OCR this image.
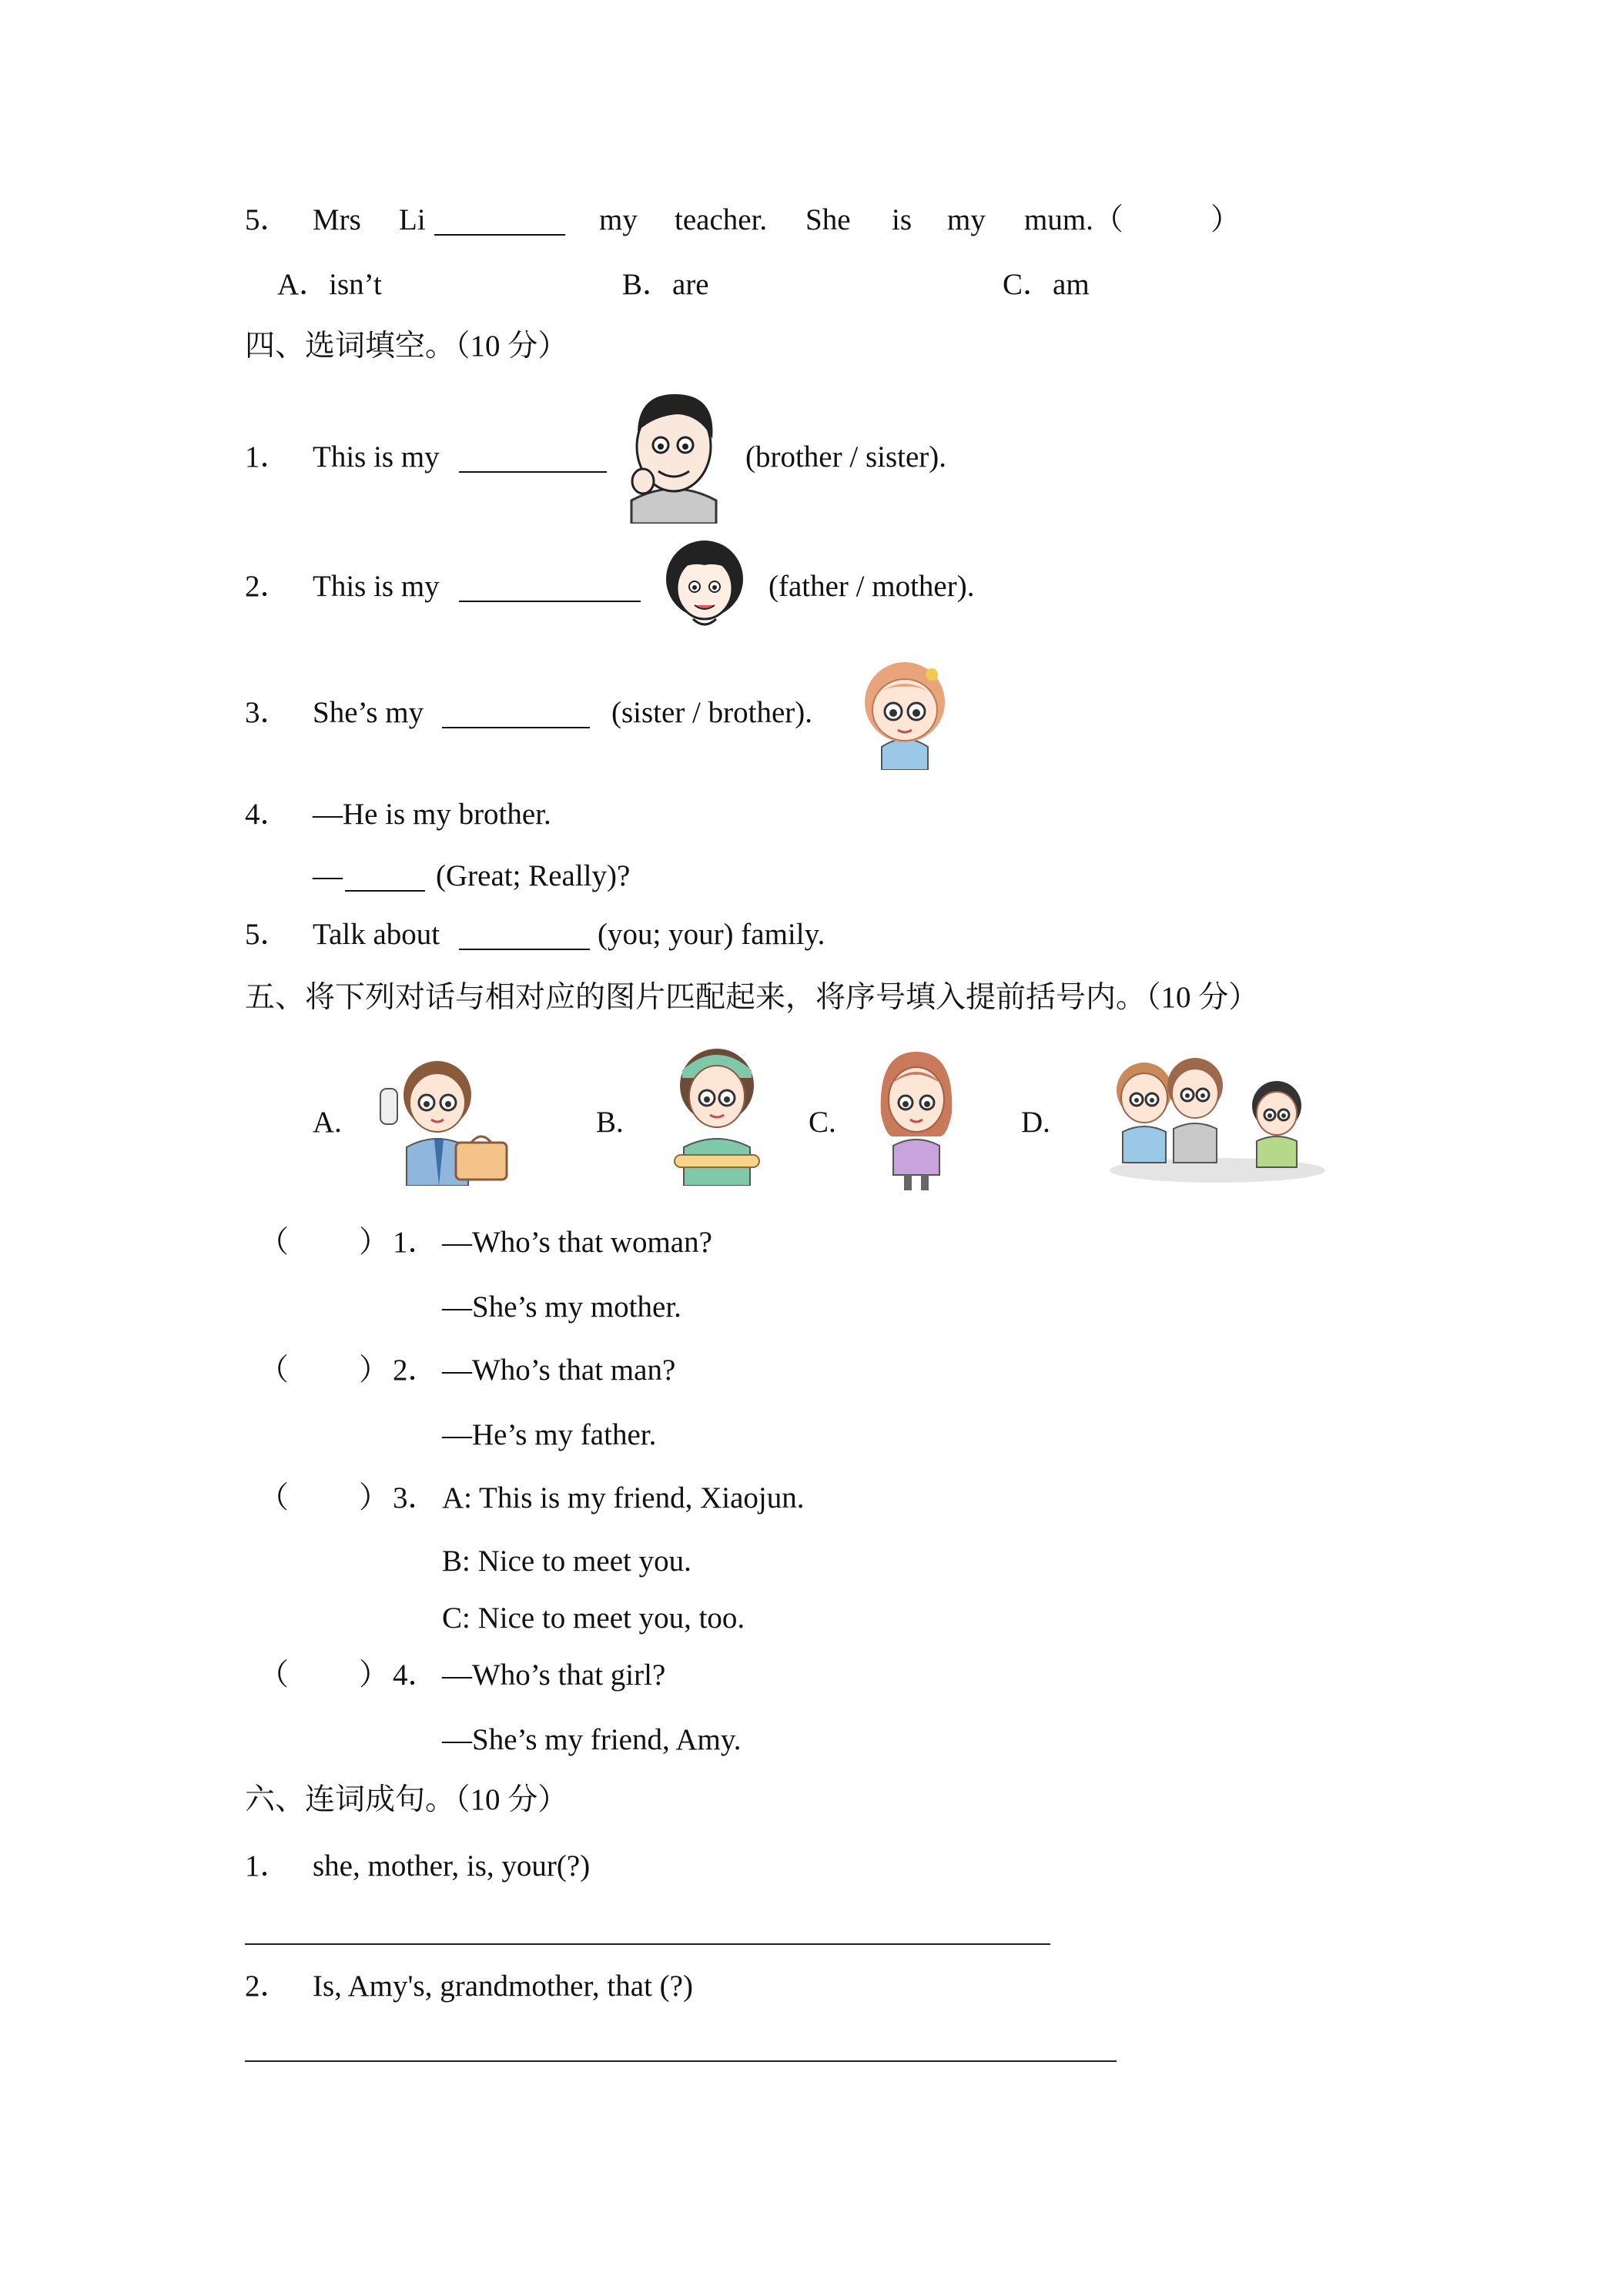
5． Mrs Li	my teacher. She is my mum.（	）
A．isn’t	B．are	C．am
四、选词填空。（10 分）
1． This is my	(brother / sister).
2． This is my	(father / mother).
3． She’s my	(sister / brother).
4． —He is my brother.
—	(Great; Really)?
5． Talk about	(you; your) family.
五、将下列对话与相对应的图片匹配起来，将序号填入提前括号内。（10 分）
A.	B.	C.	D.
（ ） 1． —Who’s that woman?
—She’s my mother.
（ ） 2． —Who’s that man?
—He’s my father.
（ ） 3． A: This is my friend, Xiaojun.
B: Nice to meet you.
C: Nice to meet you, too.
（ ） 4． —Who’s that girl?
—She’s my friend, Amy.
六、连词成句。（10 分）
1． she, mother, is, your(?)
2． Is, Amy's, grandmother, that (?)
